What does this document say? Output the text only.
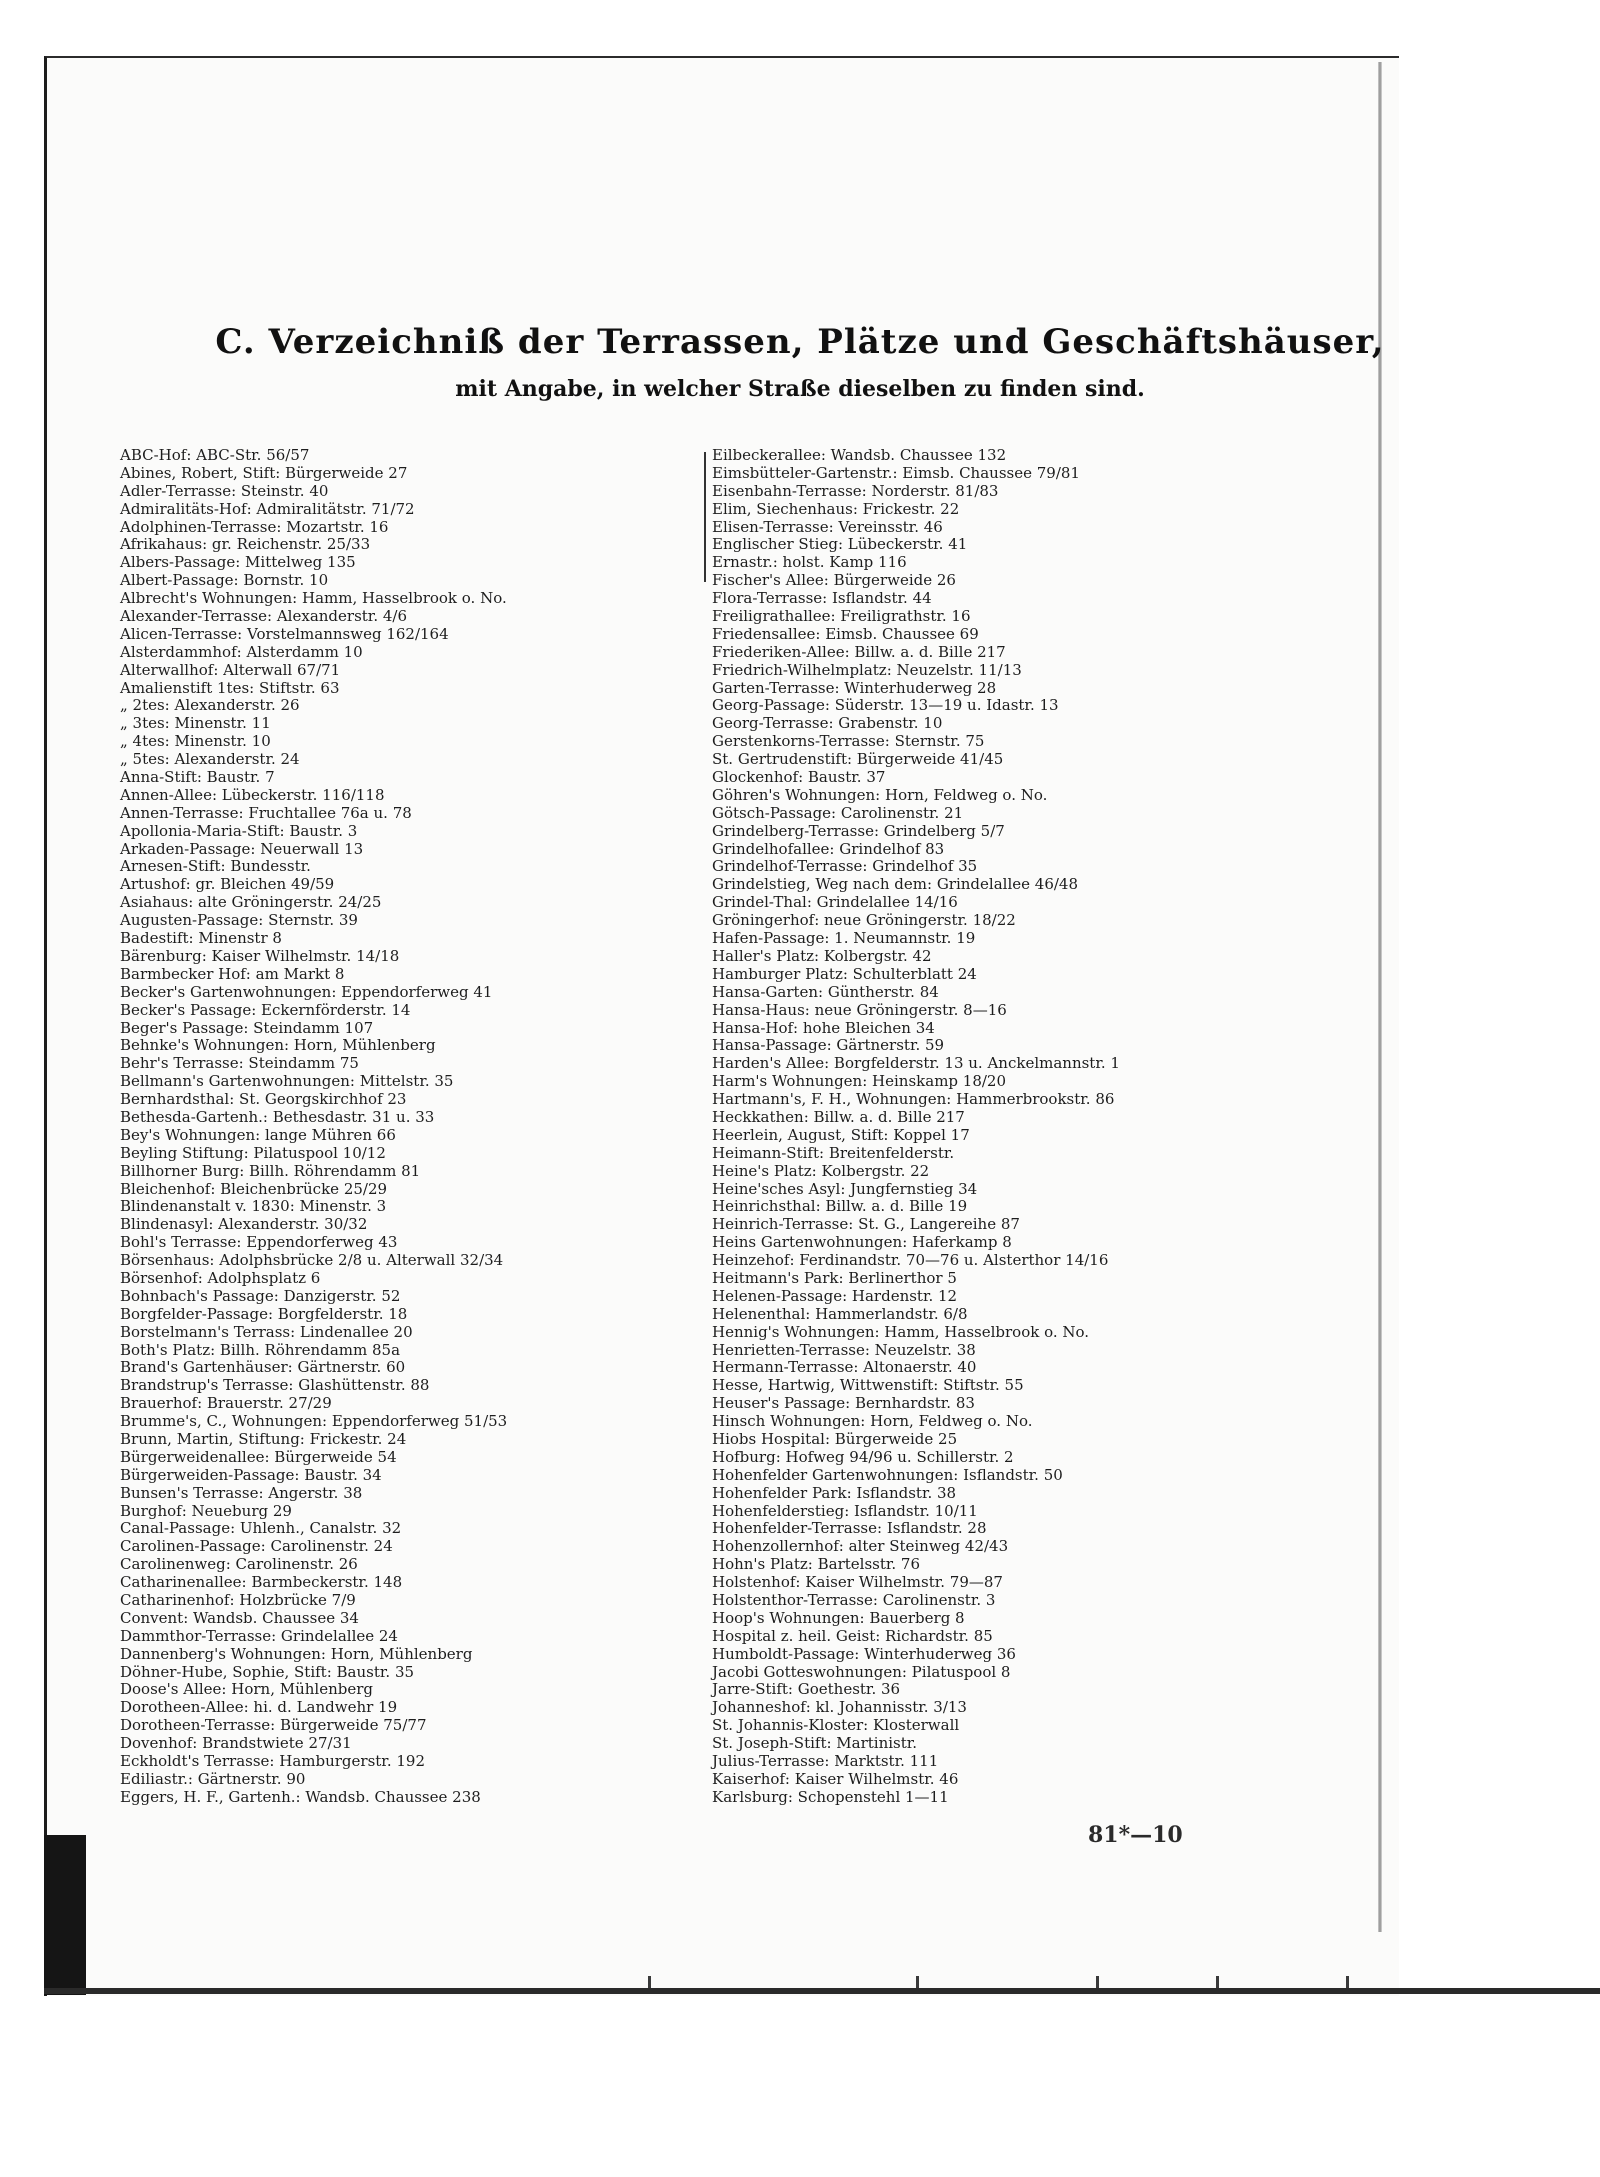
C. Verzeichniß der Terrassen, Plätze und Geschäftshäuser,
mit Angabe, in welcher Straße dieselben zu finden sind.
ABC-Hof: ABC-Str. 56/57
Abines, Robert, Stift: Bürgerweide 27
Adler-Terrasse: Steinstr. 40
Admiralitäts-Hof: Admiralitätstr. 71/72
Adolphinen-Terrasse: Mozartstr. 16
Afrikahaus: gr. Reichenstr. 25/33
Albers-Passage: Mittelweg 135
Albert-Passage: Bornstr. 10
Albrecht's Wohnungen: Hamm, Hasselbrook o. No.
Alexander-Terrasse: Alexanderstr. 4/6
Alicen-Terrasse: Vorstelmannsweg 162/164
Alsterdammhof: Alsterdamm 10
Alterwallhof: Alterwall 67/71
Amalienstift 1tes: Stiftstr. 63
„ 2tes: Alexanderstr. 26
„ 3tes: Minenstr. 11
„ 4tes: Minenstr. 10
„ 5tes: Alexanderstr. 24
Anna-Stift: Baustr. 7
Annen-Allee: Lübeckerstr. 116/118
Annen-Terrasse: Fruchtallee 76a u. 78
Apollonia-Maria-Stift: Baustr. 3
Arkaden-Passage: Neuerwall 13
Arnesen-Stift: Bundesstr.
Artushof: gr. Bleichen 49/59
Asiahaus: alte Gröningerstr. 24/25
Augusten-Passage: Sternstr. 39
Badestift: Minenstr 8
Bärenburg: Kaiser Wilhelmstr. 14/18
Barmbecker Hof: am Markt 8
Becker's Gartenwohnungen: Eppendorferweg 41
Becker's Passage: Eckernförderstr. 14
Beger's Passage: Steindamm 107
Behnke's Wohnungen: Horn, Mühlenberg
Behr's Terrasse: Steindamm 75
Bellmann's Gartenwohnungen: Mittelstr. 35
Bernhardsthal: St. Georgskirchhof 23
Bethesda-Gartenh.: Bethesdastr. 31 u. 33
Bey's Wohnungen: lange Mühren 66
Beyling Stiftung: Pilatuspool 10/12
Billhorner Burg: Billh. Röhrendamm 81
Bleichenhof: Bleichenbrücke 25/29
Blindenanstalt v. 1830: Minenstr. 3
Blindenasyl: Alexanderstr. 30/32
Bohl's Terrasse: Eppendorferweg 43
Börsenhaus: Adolphsbrücke 2/8 u. Alterwall 32/34
Börsenhof: Adolphsplatz 6
Bohnbach's Passage: Danzigerstr. 52
Borgfelder-Passage: Borgfelderstr. 18
Borstelmann's Terrass: Lindenallee 20
Both's Platz: Billh. Röhrendamm 85a
Brand's Gartenhäuser: Gärtnerstr. 60
Brandstrup's Terrasse: Glashüttenstr. 88
Brauerhof: Brauerstr. 27/29
Brumme's, C., Wohnungen: Eppendorferweg 51/53
Brunn, Martin, Stiftung: Frickestr. 24
Bürgerweidenallee: Bürgerweide 54
Bürgerweiden-Passage: Baustr. 34
Bunsen's Terrasse: Angerstr. 38
Burghof: Neueburg 29
Canal-Passage: Uhlenh., Canalstr. 32
Carolinen-Passage: Carolinenstr. 24
Carolinenweg: Carolinenstr. 26
Catharinenallee: Barmbeckerstr. 148
Catharinenhof: Holzbrücke 7/9
Convent: Wandsb. Chaussee 34
Dammthor-Terrasse: Grindelallee 24
Dannenberg's Wohnungen: Horn, Mühlenberg
Döhner-Hube, Sophie, Stift: Baustr. 35
Doose's Allee: Horn, Mühlenberg
Dorotheen-Allee: hi. d. Landwehr 19
Dorotheen-Terrasse: Bürgerweide 75/77
Dovenhof: Brandstwiete 27/31
Eckholdt's Terrasse: Hamburgerstr. 192
Ediliastr.: Gärtnerstr. 90
Eggers, H. F., Gartenh.: Wandsb. Chaussee 238
Eilbeckerallee: Wandsb. Chaussee 132
Eimsbütteler-Gartenstr.: Eimsb. Chaussee 79/81
Eisenbahn-Terrasse: Norderstr. 81/83
Elim, Siechenhaus: Frickestr. 22
Elisen-Terrasse: Vereinsstr. 46
Englischer Stieg: Lübeckerstr. 41
Ernastr.: holst. Kamp 116
Fischer's Allee: Bürgerweide 26
Flora-Terrasse: Isflandstr. 44
Freiligrathallee: Freiligrathstr. 16
Friedensallee: Eimsb. Chaussee 69
Friederiken-Allee: Billw. a. d. Bille 217
Friedrich-Wilhelmplatz: Neuzelstr. 11/13
Garten-Terrasse: Winterhuderweg 28
Georg-Passage: Süderstr. 13—19 u. Idastr. 13
Georg-Terrasse: Grabenstr. 10
Gerstenkorns-Terrasse: Sternstr. 75
St. Gertrudenstift: Bürgerweide 41/45
Glockenhof: Baustr. 37
Göhren's Wohnungen: Horn, Feldweg o. No.
Götsch-Passage: Carolinenstr. 21
Grindelberg-Terrasse: Grindelberg 5/7
Grindelhofallee: Grindelhof 83
Grindelhof-Terrasse: Grindelhof 35
Grindelstieg, Weg nach dem: Grindelallee 46/48
Grindel-Thal: Grindelallee 14/16
Gröningerhof: neue Gröningerstr. 18/22
Hafen-Passage: 1. Neumannstr. 19
Haller's Platz: Kolbergstr. 42
Hamburger Platz: Schulterblatt 24
Hansa-Garten: Güntherstr. 84
Hansa-Haus: neue Gröningerstr. 8—16
Hansa-Hof: hohe Bleichen 34
Hansa-Passage: Gärtnerstr. 59
Harden's Allee: Borgfelderstr. 13 u. Anckelmannstr. 1
Harm's Wohnungen: Heinskamp 18/20
Hartmann's, F. H., Wohnungen: Hammerbrookstr. 86
Heckkathen: Billw. a. d. Bille 217
Heerlein, August, Stift: Koppel 17
Heimann-Stift: Breitenfelderstr.
Heine's Platz: Kolbergstr. 22
Heine'sches Asyl: Jungfernstieg 34
Heinrichsthal: Billw. a. d. Bille 19
Heinrich-Terrasse: St. G., Langereihe 87
Heins Gartenwohnungen: Haferkamp 8
Heinzehof: Ferdinandstr. 70—76 u. Alsterthor 14/16
Heitmann's Park: Berlinerthor 5
Helenen-Passage: Hardenstr. 12
Helenenthal: Hammerlandstr. 6/8
Hennig's Wohnungen: Hamm, Hasselbrook o. No.
Henrietten-Terrasse: Neuzelstr. 38
Hermann-Terrasse: Altonaerstr. 40
Hesse, Hartwig, Wittwenstift: Stiftstr. 55
Heuser's Passage: Bernhardstr. 83
Hinsch Wohnungen: Horn, Feldweg o. No.
Hiobs Hospital: Bürgerweide 25
Hofburg: Hofweg 94/96 u. Schillerstr. 2
Hohenfelder Gartenwohnungen: Isflandstr. 50
Hohenfelder Park: Isflandstr. 38
Hohenfelderstieg: Isflandstr. 10/11
Hohenfelder-Terrasse: Isflandstr. 28
Hohenzollernhof: alter Steinweg 42/43
Hohn's Platz: Bartelsstr. 76
Holstenhof: Kaiser Wilhelmstr. 79—87
Holstenthor-Terrasse: Carolinenstr. 3
Hoop's Wohnungen: Bauerberg 8
Hospital z. heil. Geist: Richardstr. 85
Humboldt-Passage: Winterhuderweg 36
Jacobi Gotteswohnungen: Pilatuspool 8
Jarre-Stift: Goethestr. 36
Johanneshof: kl. Johannisstr. 3/13
St. Johannis-Kloster: Klosterwall
St. Joseph-Stift: Martinistr.
Julius-Terrasse: Marktstr. 111
Kaiserhof: Kaiser Wilhelmstr. 46
Karlsburg: Schopenstehl 1—11
81*—10
